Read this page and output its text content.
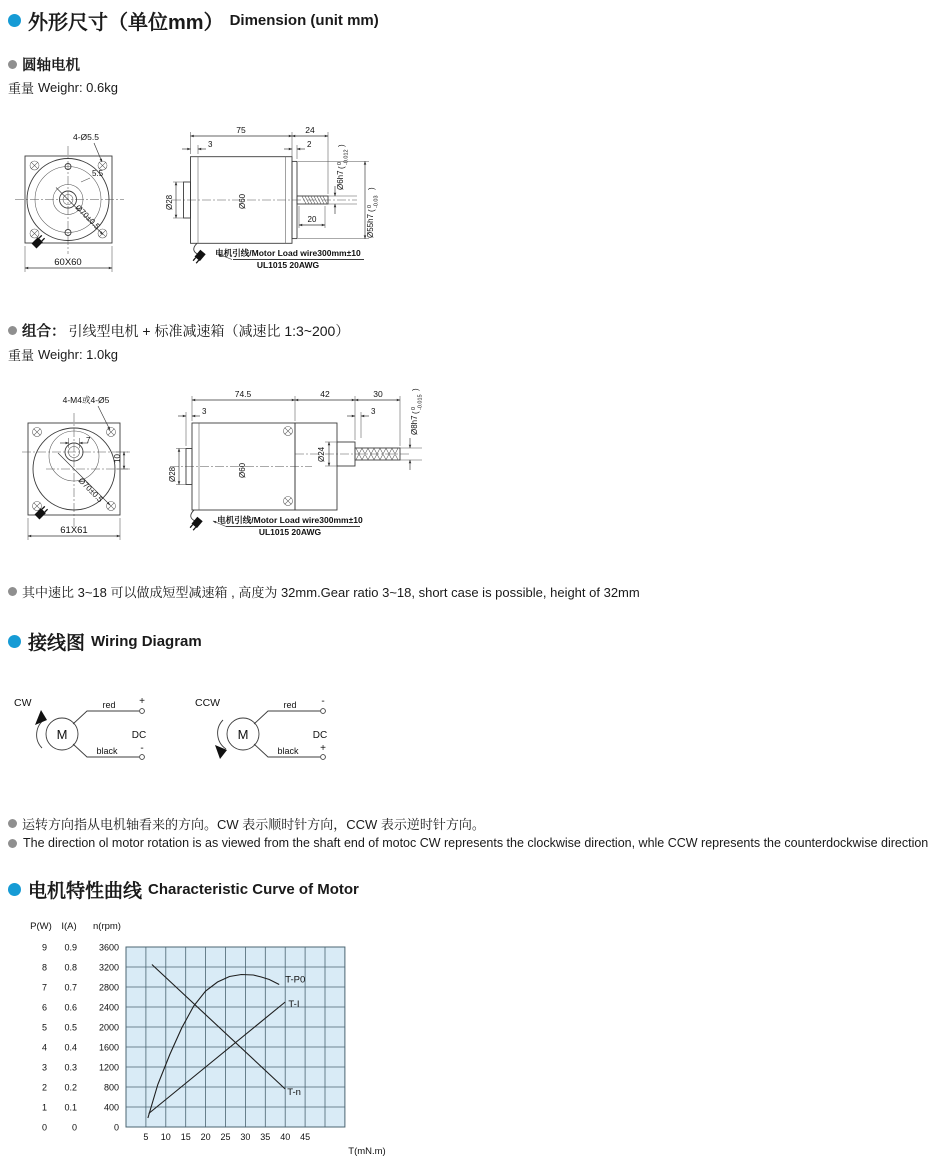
外形尺寸（单位mm） Dimension (unit mm)
圆轴电机
重量 Weighr: 0.6kg
4-Ø5.5
5.5
Ø70±0.5
60X60
75	24
3	2
Ø28	Ø60
Ø6h7
(
0 -0.012
)
Ø55h7
(
0 -0.03
)
20
电机引线/Motor Load wire300mm±10
UL1015 20AWG
组合： 引线型电机 + 标准减速箱（减速比 1:3~200）
重量 Weighr: 1.0kg
4-M4或4-Ø5
7
10
Ø70±0.5
61X61
74.5	42	30
3	3
Ø28	Ø60
Ø24
Ø8h7
(
0 -0.015
)
电机引线/Motor Load wire300mm±10
UL1015 20AWG
其中速比 3~18 可以做成短型减速箱 , 高度为 32mm.Gear ratio 3~18, short case is possible, height of 32mm
接线图 Wiring Diagram
CW
M
+
red
-
black
DC
CCW
M
-
red
+
black
DC
运转方向指从电机轴看来的方向。CW 表示顺时针方向，CCW 表示逆时针方向。
The direction ol motor rotation is as viewed from the shaft end of motoc CW represents the clockwise direction, whle CCW represents the counterdockwise direction
电机特性曲线 Characteristic Curve of Motor
P(W) I(A) n(rpm)
9
8
7
6
5
4
3
2
1
0
0.9
0.8
0.7
0.6
0.5
0.4
0.3
0.2
0.1
0
3600
3200
2800
2400
2000
1600
1200
800
400
0
5 10 15 20 25 30 35 40 45
T(mN.m)
T-n
T-I
T-P0
